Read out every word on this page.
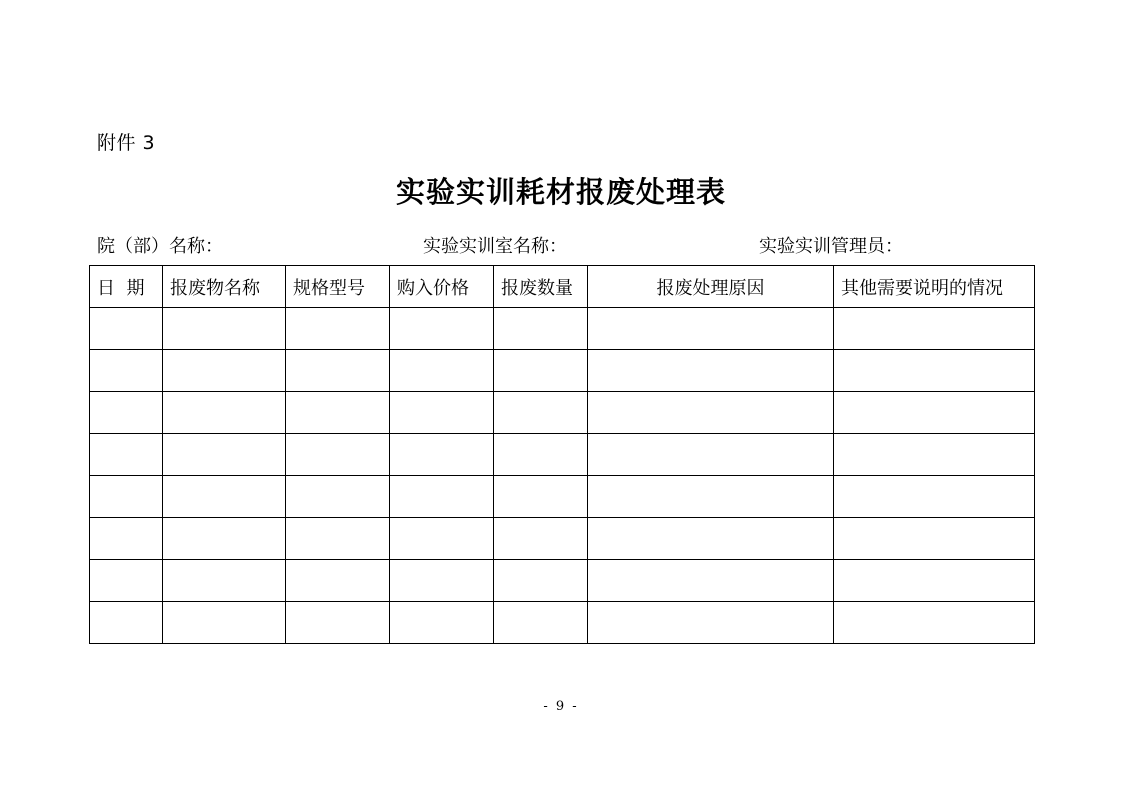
附件 3
实验实训耗材报废处理表
院（部）名称：	实验实训室名称：	实验实训管理员：
日  期	报废物名称	规格型号	购入价格	报废数量	报废处理原因	其他需要说明的情况

- 9 -
